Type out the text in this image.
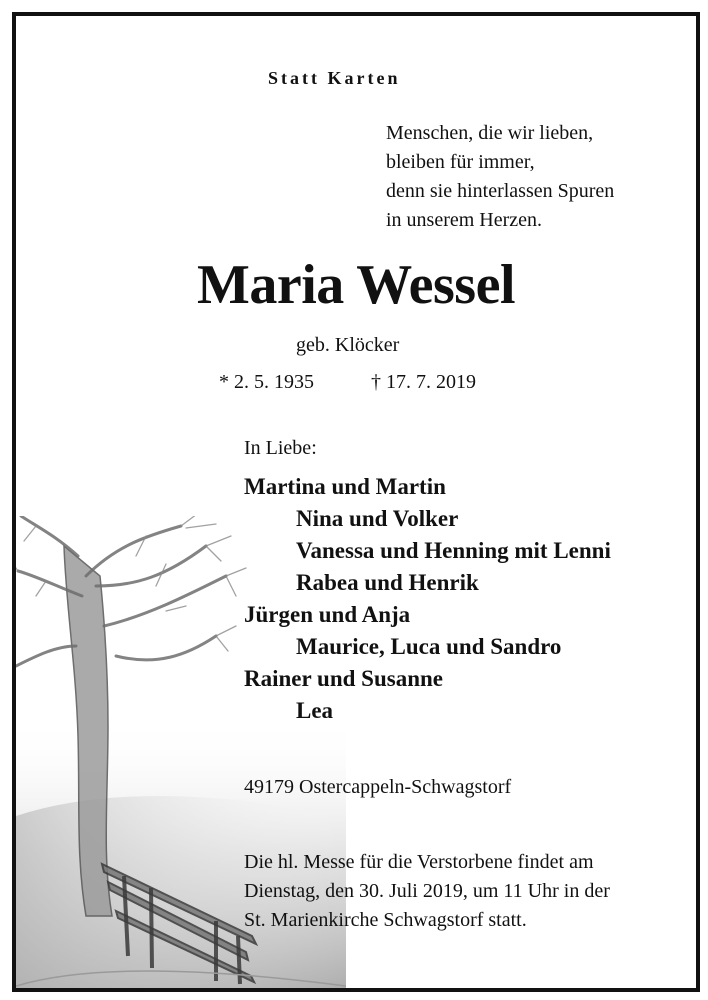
Statt Karten
Menschen, die wir lieben,
bleiben für immer,
denn sie hinterlassen Spuren
in unserem Herzen.
Maria Wessel
geb. Klöcker
* 2. 5. 1935	† 17. 7. 2019
In Liebe:
Martina und Martin
Nina und Volker
Vanessa und Henning mit Lenni
Rabea und Henrik
Jürgen und Anja
Maurice, Luca und Sandro
Rainer und Susanne
Lea
49179 Ostercappeln-Schwagstorf
Die hl. Messe für die Verstorbene findet am
Dienstag, den 30. Juli 2019, um 11 Uhr in der
St. Marienkirche Schwagstorf statt.
